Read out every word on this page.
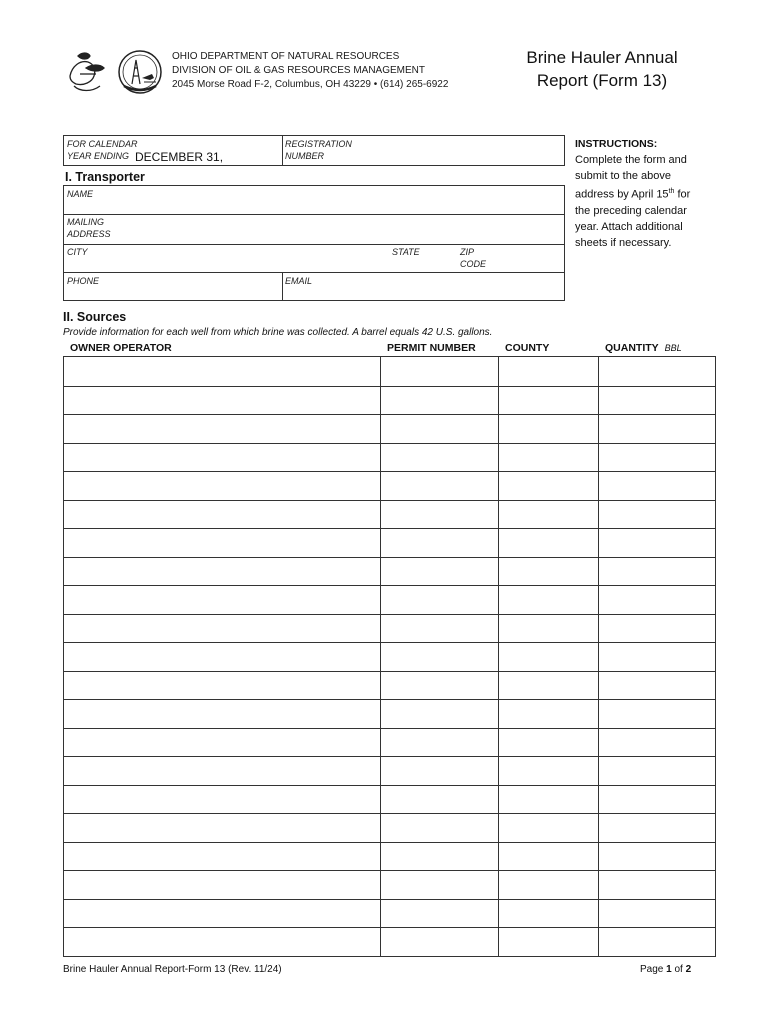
OHIO DEPARTMENT OF NATURAL RESOURCES
DIVISION OF OIL & GAS RESOURCES MANAGEMENT
2045 Morse Road F-2, Columbus, OH 43229 • (614) 265-6922
Brine Hauler Annual
Report (Form 13)
FOR CALENDAR
YEAR ENDING DECEMBER 31,
REGISTRATION
NUMBER
INSTRUCTIONS:
Complete the form and
submit to the above
address by April 15th for
the preceding calendar
year. Attach additional
sheets if necessary.
I. Transporter
NAME
MAILING
ADDRESS
CITY	STATE	ZIP
CODE
PHONE	EMAIL
II. Sources
Provide information for each well from which brine was collected. A barrel equals 42 U.S. gallons.
OWNER OPERATOR	PERMIT NUMBER	COUNTY	QUANTITY BBL
Brine Hauler Annual Report-Form 13 (Rev. 11/24)	Page 1 of 2
